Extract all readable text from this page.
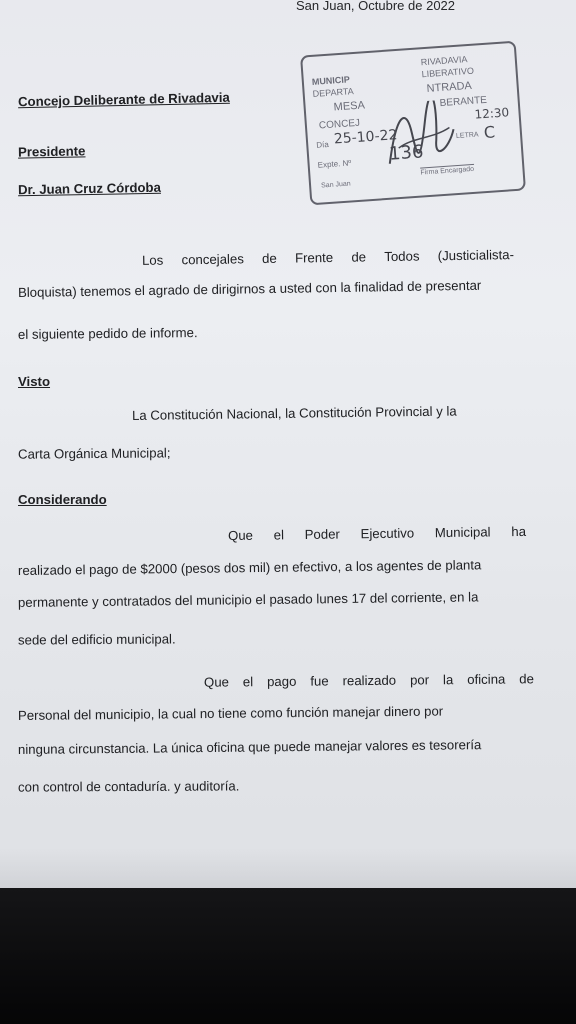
San Juan, Octubre de 2022
Concejo Deliberante de Rivadavia
Presidente
Dr. Juan Cruz Córdoba
MUNICIP
RIVADAVIA
DEPARTA
LIBERATIVO
MESA
NTRADA
CONCEJ
BERANTE
Día 25-10-22
12:30
Expte. Nº 136
LETRA C
San Juan
Firma Encargado
Los concejales de Frente de Todos (Justicialista-
Bloquista) tenemos el agrado de dirigirnos a usted con la finalidad de presentar
el siguiente pedido de informe.
Visto
La Constitución Nacional, la Constitución Provincial y la
Carta Orgánica Municipal;
Considerando
Que el Poder Ejecutivo Municipal ha
realizado el pago de $2000 (pesos dos mil) en efectivo, a los agentes de planta
permanente y contratados del municipio el pasado lunes 17 del corriente, en la
sede del edificio municipal.
Que el pago fue realizado por la oficina de
Personal del municipio, la cual no tiene como función manejar dinero por
ninguna circunstancia. La única oficina que puede manejar valores es tesorería
con control de contaduría. y auditoría.
